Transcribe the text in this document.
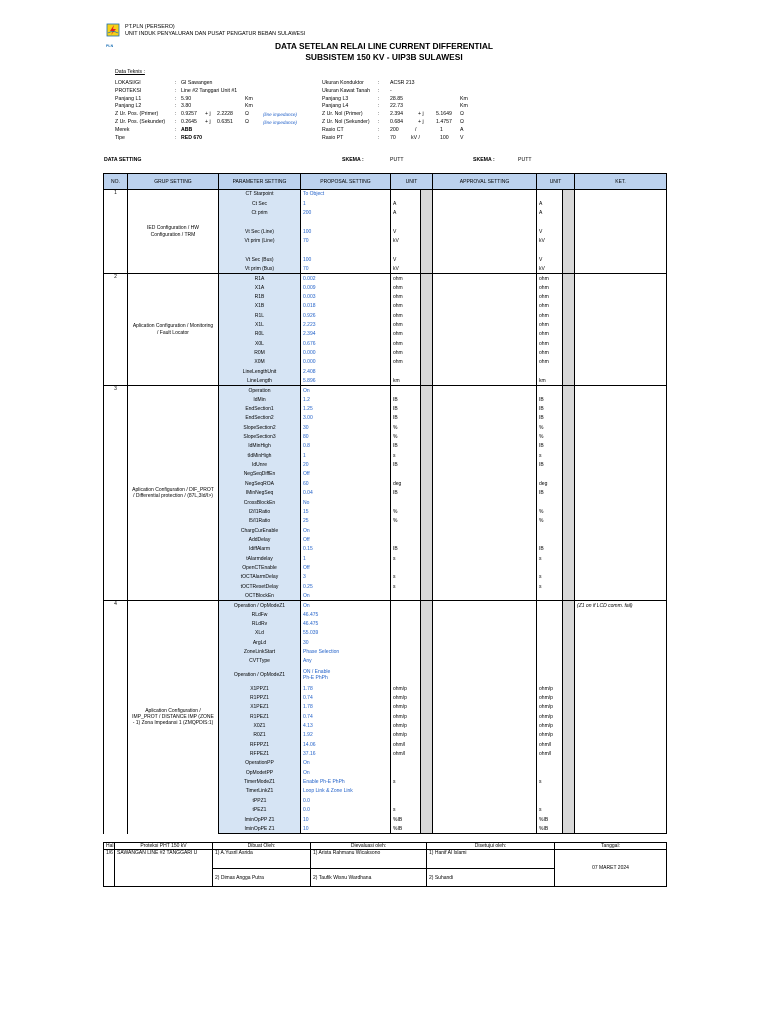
PLN
PT.PLN (PERSERO)
UNIT INDUK PENYALURAN DAN PUSAT PENGATUR BEBAN SULAWESI
DATA SETELAN RELAI LINE CURRENT DIFFERENTIAL
SUBSISTEM 150 KV - UIP3B SULAWESI
Data Teknis :
LOKASI/GI	: GI Sawangen
PROTEKSI	: Line #2 Tanggari Unit #1
Panjang L1	: 5.90	Km
Panjang L2	: 3.80	Km
Z Ur. Pos. (Primer)	: 0.9257 + j 2.2228 Ω	(line impedance)
Z Ur. Pos. (Sekunder) : 0.2645 + j 0.6351 Ω	(line impedance)
Merek	: ABB
Tipe	: RED 670
Ukuran Konduktor	: ACSR 213
Ukuran Kawat Tanah : -
Panjang L3	: 28.85	Km
Panjang L4	: 22.73	Km
Z Ur. Nol (Primer)	: 2.394	+ j 5.1649 Ω
Z Ur. Nol (Sekunder) : 0.684	+ j 1.4757 Ω
Rasio CT	: 200	/	1	A
Rasio PT	: 70	kV /	100 V
DATA SETTING	SKEMA :	PUTT	SKEMA :	PUTT
NO.	GRUP SETTING	PARAMETER SETTING	PROPOSAL SETTING	UNIT		APPROVAL SETTING	UNIT		KET.
1	IED Configuration / HW Configuration / TRM	CT Starpoint	To Object						
		Ct Sec	1	A			A		
		Ct prim	200	A			A		

		Vt Sec (Line)	100	V			V		
		Vt prim (Line)	70	kV			kV		

		Vt Sec (Bus)	100	V			V		
		Vt prim (Bus)	70	kV			kV		
2	Aplication Configuration / Monitoring / Fault Locator	R1A	0.002	ohm			ohm		
		X1A	0.009	ohm			ohm		
		R1B	0.003	ohm			ohm		
		X1B	0.018	ohm			ohm		
		R1L	0.926	ohm			ohm		
		X1L	2.223	ohm			ohm		
		R0L	2.394	ohm			ohm		
		X0L	0.676	ohm			ohm		
		R0M	0.000	ohm			ohm		
		X0M	0.000	ohm			ohm		
		LineLengthUnit	2.408						
		LineLength	5.896	km			km		
3	Aplication Configuration / DIF_PROT / Differential protection / (87L,3Id/I>)	Operation	On						
		IdMin	1.2	IB			IB		
		EndSection1	1.25	IB			IB		
		EndSection2	3.00	IB			IB		
		SlopeSection2	30	%			%		
		SlopeSection3	80	%			%		
		IdMinHigh	0.8	IB			IB		
		tIdMinHigh	1	s			s		
		IdUnre	20	IB			IB		
		NegSeqDiffEn	Off						
		NegSeqROA	60	deg			deg		
		IMinNegSeq	0.04	IB			IB		
		CrossBlockEn	No						
		I2/I1Ratio	15	%			%		
		I5/I1Ratio	25	%			%		
		ChargCurEnable	On						
		AddDelay	Off						
		IdiffAlarm	0.15	IB			IB		
		tAlarmdelay	1	s			s		
		OpenCTEnable	Off						
		tOCTAlarmDelay	3	s			s		
		tOCTResetDelay	0.25	s			s		
		OCTBlockEn	On						
4	Aplication Configuration / IMP_PROT / DISTANCE IMP (ZONE - 1) Zona Impedansi 1 (ZMQPDIS:1)	Operation / OpModeZ1	On						(Z1 on if LCD comm. fail)
		RLdFw	46.475						
		RLdRv	46.475						
		XLd	55.039						
		ArgLd	30						
		ZoneLinkStart	Phase Selection						
		CVTType	Any						
		Operation / OpModeZ1	ON / Enable
Ph-E PhPh						

		X1PPZ1	1.78	ohm/p			ohm/p		
		R1PPZ1	0.74	ohm/p			ohm/p		
		X1PEZ1	1.78	ohm/p			ohm/p		
		R1PEZ1	0.74	ohm/p			ohm/p		
		X0Z1	4.13	ohm/p			ohm/p		
		R0Z1	1.92	ohm/p			ohm/p		
		RFPPZ1	14.06	ohm/l			ohm/l		
		RFPEZ1	37.16	ohm/l			ohm/l		
		OperationPP	On						
		OpModetPP	On						
		TimerModeZ1	Enable Ph-E PhPh	s			s		
		TimerLinkZ1	Loop Link & Zone Link						
		tPPZ1	0.0						
		tPEZ1	0.0	s			s		
		IminOpPP Z1	10	%IB			%IB		
		IminOpPE Z1	10	%IB			%IB		
Hal	Proteksi PHT 150 kV	Dibuat Oleh:	Dievaluasi oleh:	Disetujui oleh:	Tanggal:
1/6	SAWANGAN LINE #2 TANGGARI U	1) A.Yusril Asrida	1) Arista Rahmanu Wicaksono	1) Hanif Al Islami	07 MARET 2024
		2) Dimas Angga Putra	2) Taufik Wisnu Wardhana	2) Suhandi	
